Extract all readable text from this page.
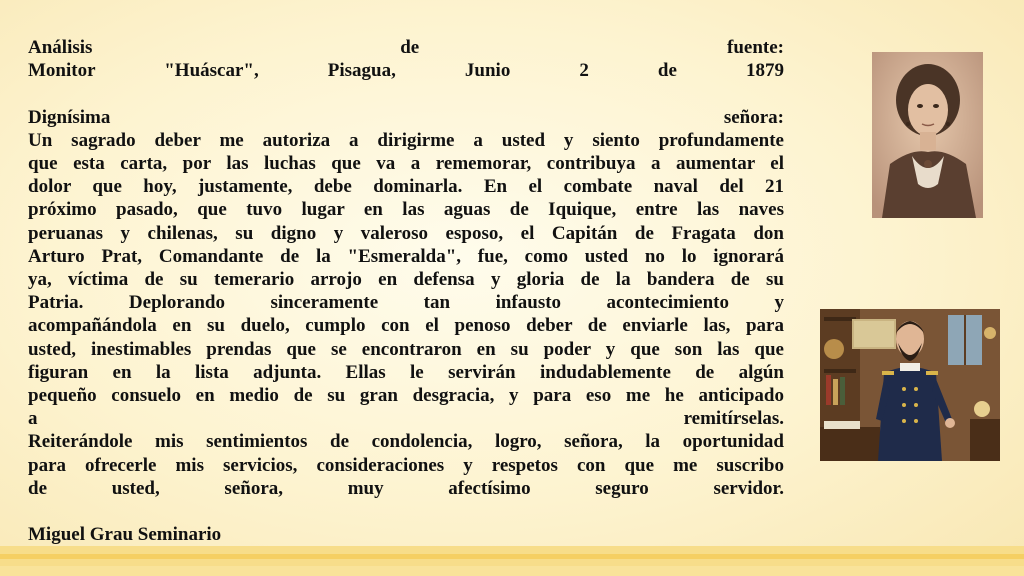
Análisis de fuente:

Monitor "Huáscar", Pisagua, Junio 2 de 1879

Dignísima señora:

Un sagrado deber me autoriza a dirigirme a usted y siento profundamente

que esta carta, por las luchas que va a rememorar, contribuya a aumentar el

dolor que hoy, justamente, debe dominarla. En el combate naval del 21

próximo pasado, que tuvo lugar en las aguas de Iquique, entre las naves

peruanas y chilenas, su digno y valeroso esposo, el Capitán de Fragata don

Arturo Prat, Comandante de la "Esmeralda", fue, como usted no lo ignorará

ya, víctima de su temerario arrojo en defensa y gloria de la bandera de su

Patria. Deplorando sinceramente tan infausto acontecimiento y

acompañándola en su duelo, cumplo con el penoso deber de enviarle las, para

usted, inestimables prendas que se encontraron en su poder y que son las que

figuran en la lista adjunta. Ellas le servirán indudablemente de algún

pequeño consuelo en medio de su gran desgracia, y para eso me he anticipado

a remitírselas.

Reiterándole mis sentimientos de condolencia, logro, señora, la oportunidad

para ofrecerle mis servicios, consideraciones y respetos con que me suscribo

de usted, señora, muy afectísimo seguro servidor.

Miguel Grau Seminario
